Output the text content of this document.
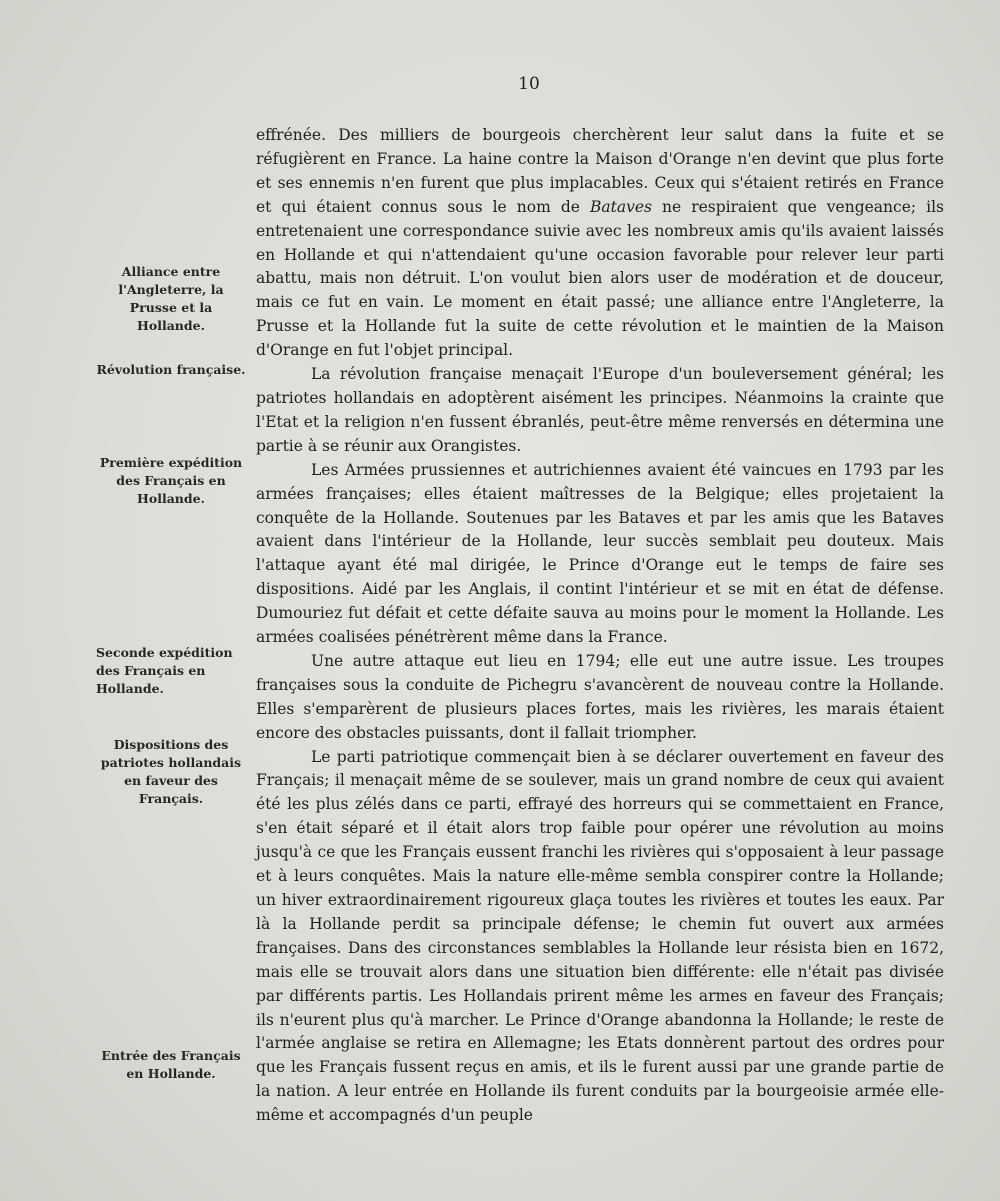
10
Alliance entre l'Angleterre, la Prusse et la Hollande.
Révolution française.
Première expédition des Français en Hollande.
Seconde expédition des Français en Hollande.
Dispositions des patriotes hollandais en faveur des Français.
Entrée des Français en Hollande.

effrénée. Des milliers de bourgeois cherchèrent leur salut dans la fuite et se réfugièrent en France. La haine contre la Maison d'Orange n'en devint que plus forte et ses ennemis n'en furent que plus implacables. Ceux qui s'étaient retirés en France et qui étaient connus sous le nom de Bataves ne respiraient que vengeance; ils entretenaient une correspondance suivie avec les nombreux amis qu'ils avaient laissés en Hollande et qui n'attendaient qu'une occasion favorable pour relever leur parti abattu, mais non détruit. L'on voulut bien alors user de modération et de douceur, mais ce fut en vain. Le moment en était passé; une alliance entre l'Angleterre, la Prusse et la Hollande fut la suite de cette révolution et le maintien de la Maison d'Orange en fut l'objet principal.

La révolution française menaçait l'Europe d'un bouleversement général; les patriotes hollandais en adoptèrent aisément les principes. Néanmoins la crainte que l'Etat et la religion n'en fussent ébranlés, peut-être même renversés en détermina une partie à se réunir aux Orangistes.

Les Armées prussiennes et autrichiennes avaient été vaincues en 1793 par les armées françaises; elles étaient maîtresses de la Belgique; elles projetaient la conquête de la Hollande. Soutenues par les Bataves et par les amis que les Bataves avaient dans l'intérieur de la Hollande, leur succès semblait peu douteux. Mais l'attaque ayant été mal dirigée, le Prince d'Orange eut le temps de faire ses dispositions. Aidé par les Anglais, il contint l'intérieur et se mit en état de défense. Dumouriez fut défait et cette défaite sauva au moins pour le moment la Hollande. Les armées coalisées pénétrèrent même dans la France.

Une autre attaque eut lieu en 1794; elle eut une autre issue. Les troupes françaises sous la conduite de Pichegru s'avancèrent de nouveau contre la Hollande. Elles s'emparèrent de plusieurs places fortes, mais les rivières, les marais étaient encore des obstacles puissants, dont il fallait triompher.

Le parti patriotique commençait bien à se déclarer ouvertement en faveur des Français; il menaçait même de se soulever, mais un grand nombre de ceux qui avaient été les plus zélés dans ce parti, effrayé des horreurs qui se commettaient en France, s'en était séparé et il était alors trop faible pour opérer une révolution au moins jusqu'à ce que les Français eussent franchi les rivières qui s'opposaient à leur passage et à leurs conquêtes. Mais la nature elle-même sembla conspirer contre la Hollande; un hiver extraordinairement rigoureux glaça toutes les rivières et toutes les eaux. Par là la Hollande perdit sa principale défense; le chemin fut ouvert aux armées françaises. Dans des circonstances semblables la Hollande leur résista bien en 1672, mais elle se trouvait alors dans une situation bien différente: elle n'était pas divisée par différents partis. Les Hollandais prirent même les armes en faveur des Français; ils n'eurent plus qu'à marcher. Le Prince d'Orange abandonna la Hollande; le reste de l'armée anglaise se retira en Allemagne; les Etats donnèrent partout des ordres pour que les Français fussent reçus en amis, et ils le furent aussi par une grande partie de la nation. A leur entrée en Hollande ils furent conduits par la bourgeoisie armée elle-même et accompagnés d'un peuple
